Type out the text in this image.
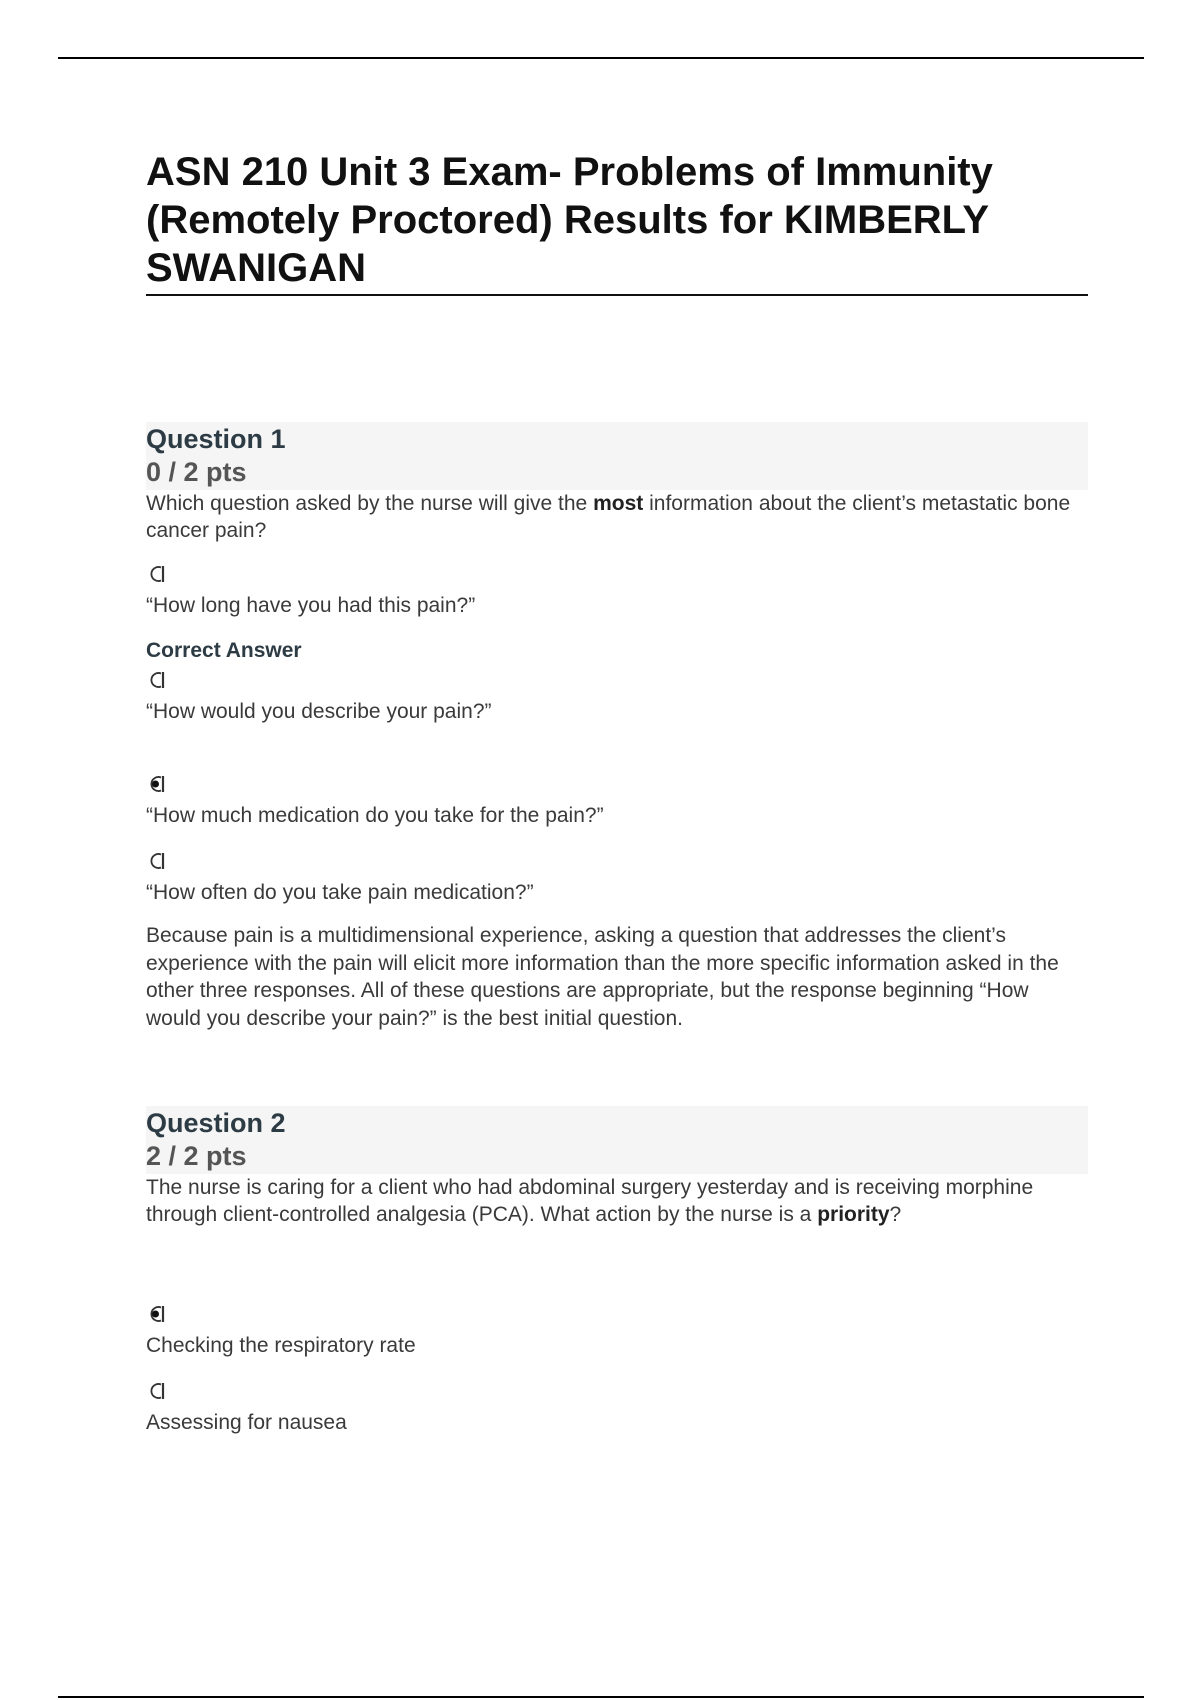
ASN 210 Unit 3 Exam- Problems of Immunity (Remotely Proctored) Results for KIMBERLY SWANIGAN
Question 1
0 / 2 pts

Which question asked by the nurse will give the most information about the client’s metastatic bone cancer pain?

“How long have you had this pain?”
Correct Answer
“How would you describe your pain?”
“How much medication do you take for the pain?”
“How often do you take pain medication?”

Because pain is a multidimensional experience, asking a question that addresses the client’s experience with the pain will elicit more information than the more specific information asked in the other three responses. All of these questions are appropriate, but the response beginning “How would you describe your pain?” is the best initial question.

Question 2
2 / 2 pts

The nurse is caring for a client who had abdominal surgery yesterday and is receiving morphine through client-controlled analgesia (PCA). What action by the nurse is a priority?

Checking the respiratory rate
Assessing for nausea
